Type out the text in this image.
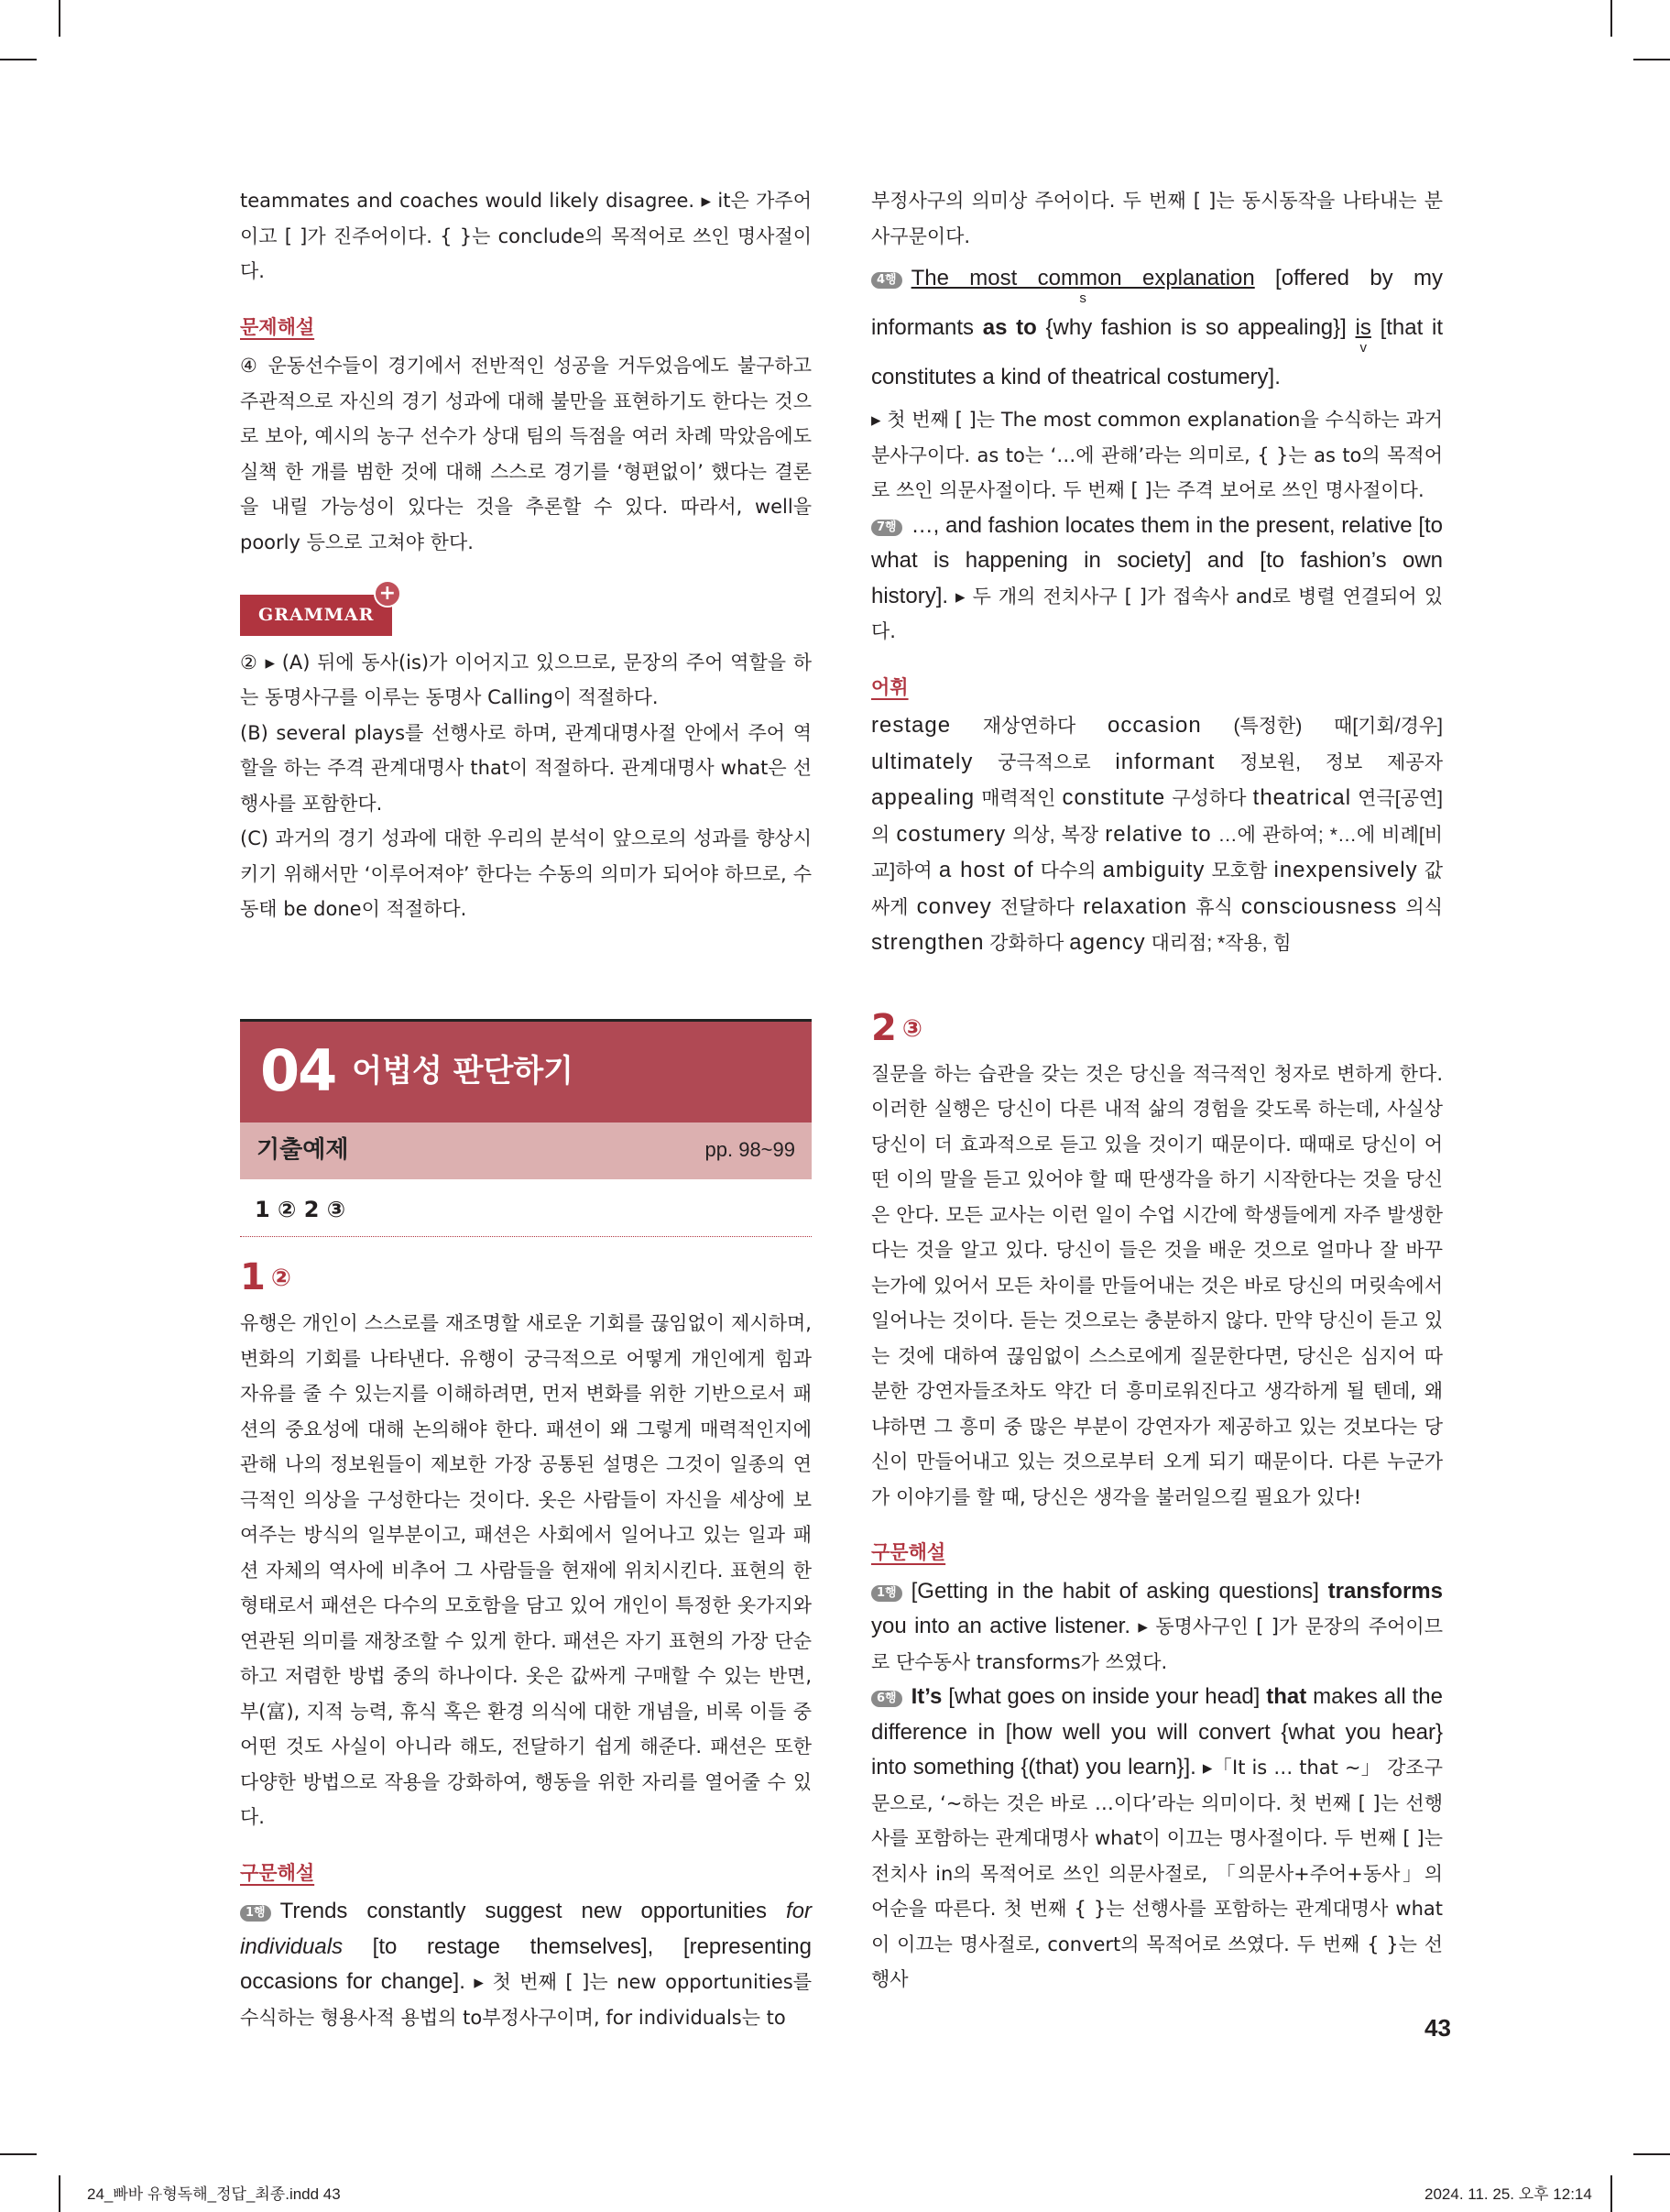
teammates and coaches would likely disagree. ▸ it은 가주어이고 [ ]가 진주어이다. { }는 conclude의 목적어로 쓰인 명사절이다.

문제해설

④ 운동선수들이 경기에서 전반적인 성공을 거두었음에도 불구하고 주관적으로 자신의 경기 성과에 대해 불만을 표현하기도 한다는 것으로 보아, 예시의 농구 선수가 상대 팀의 득점을 여러 차례 막았음에도 실책 한 개를 범한 것에 대해 스스로 경기를 ‘형편없이’ 했다는 결론을 내릴 가능성이 있다는 것을 추론할 수 있다. 따라서, well을 poorly 등으로 고쳐야 한다.

GRAMMAR
+

② ▸ (A) 뒤에 동사(is)가 이어지고 있으므로, 문장의 주어 역할을 하는 동명사구를 이루는 동명사 Calling이 적절하다.

(B) several plays를 선행사로 하며, 관계대명사절 안에서 주어 역할을 하는 주격 관계대명사 that이 적절하다. 관계대명사 what은 선행사를 포함한다.

(C) 과거의 경기 성과에 대한 우리의 분석이 앞으로의 성과를 향상시키기 위해서만 ‘이루어져야’ 한다는 수동의 의미가 되어야 하므로, 수동태 be done이 적절하다.

04 어법성 판단하기
기출예제	pp. 98~99
1 ② 2 ③
1 ②

유행은 개인이 스스로를 재조명할 새로운 기회를 끊임없이 제시하며, 변화의 기회를 나타낸다. 유행이 궁극적으로 어떻게 개인에게 힘과 자유를 줄 수 있는지를 이해하려면, 먼저 변화를 위한 기반으로서 패션의 중요성에 대해 논의해야 한다. 패션이 왜 그렇게 매력적인지에 관해 나의 정보원들이 제보한 가장 공통된 설명은 그것이 일종의 연극적인 의상을 구성한다는 것이다. 옷은 사람들이 자신을 세상에 보여주는 방식의 일부분이고, 패션은 사회에서 일어나고 있는 일과 패션 자체의 역사에 비추어 그 사람들을 현재에 위치시킨다. 표현의 한 형태로서 패션은 다수의 모호함을 담고 있어 개인이 특정한 옷가지와 연관된 의미를 재창조할 수 있게 한다. 패션은 자기 표현의 가장 단순하고 저렴한 방법 중의 하나이다. 옷은 값싸게 구매할 수 있는 반면, 부(富), 지적 능력, 휴식 혹은 환경 의식에 대한 개념을, 비록 이들 중 어떤 것도 사실이 아니라 해도, 전달하기 쉽게 해준다. 패션은 또한 다양한 방법으로 작용을 강화하여, 행동을 위한 자리를 열어줄 수 있다.

구문해설

1행 Trends constantly suggest new opportunities for individuals [to restage themselves], [representing occasions for change]. ▸ 첫 번째 [ ]는 new opportunities를 수식하는 형용사적 용법의 to부정사구이며, for individuals는 to

부정사구의 의미상 주어이다. 두 번째 [ ]는 동시동작을 나타내는 분사구문이다.

4행 The most common explanation
s
[offered by my informants as to {why fashion is so appealing}] is
v
[that it constitutes a kind of theatrical costumery].

▸ 첫 번째 [ ]는 The most common explanation을 수식하는 과거분사구이다. as to는 ‘…에 관해’라는 의미로, { }는 as to의 목적어로 쓰인 의문사절이다. 두 번째 [ ]는 주격 보어로 쓰인 명사절이다.

7행 …, and fashion locates them in the present, relative [to what is happening in society] and [to fashion’s own history]. ▸ 두 개의 전치사구 [ ]가 접속사 and로 병렬 연결되어 있다.

어휘

restage 재상연하다 occasion (특정한) 때[기회/경우] ultimately 궁극적으로 informant 정보원, 정보 제공자 appealing 매력적인 constitute 구성하다 theatrical 연극[공연]의 costumery 의상, 복장 relative to …에 관하여; *…에 비례[비교]하여 a host of 다수의 ambiguity 모호함 inexpensively 값싸게 convey 전달하다 relaxation 휴식 consciousness 의식 strengthen 강화하다 agency 대리점; *작용, 힘

2 ③

질문을 하는 습관을 갖는 것은 당신을 적극적인 청자로 변하게 한다. 이러한 실행은 당신이 다른 내적 삶의 경험을 갖도록 하는데, 사실상 당신이 더 효과적으로 듣고 있을 것이기 때문이다. 때때로 당신이 어떤 이의 말을 듣고 있어야 할 때 딴생각을 하기 시작한다는 것을 당신은 안다. 모든 교사는 이런 일이 수업 시간에 학생들에게 자주 발생한다는 것을 알고 있다. 당신이 들은 것을 배운 것으로 얼마나 잘 바꾸는가에 있어서 모든 차이를 만들어내는 것은 바로 당신의 머릿속에서 일어나는 것이다. 듣는 것으로는 충분하지 않다. 만약 당신이 듣고 있는 것에 대하여 끊임없이 스스로에게 질문한다면, 당신은 심지어 따분한 강연자들조차도 약간 더 흥미로워진다고 생각하게 될 텐데, 왜냐하면 그 흥미 중 많은 부분이 강연자가 제공하고 있는 것보다는 당신이 만들어내고 있는 것으로부터 오게 되기 때문이다. 다른 누군가가 이야기를 할 때, 당신은 생각을 불러일으킬 필요가 있다!

구문해설

1행 [Getting in the habit of asking questions] transforms you into an active listener. ▸ 동명사구인 [ ]가 문장의 주어이므로 단수동사 transforms가 쓰였다.

6행 It’s [what goes on inside your head] that makes all the difference in [how well you will convert {what you hear} into something {(that) you learn}]. ▸「It is … that ~」 강조구문으로, ‘~하는 것은 바로 …이다’라는 의미이다. 첫 번째 [ ]는 선행사를 포함하는 관계대명사 what이 이끄는 명사절이다. 두 번째 [ ]는 전치사 in의 목적어로 쓰인 의문사절로, 「의문사+주어+동사」의 어순을 따른다. 첫 번째 { }는 선행사를 포함하는 관계대명사 what이 이끄는 명사절로, convert의 목적어로 쓰였다. 두 번째 { }는 선행사

43
24_빠바 유형독해_정답_최종.indd 43	2024. 11. 25. 오후 12:14
